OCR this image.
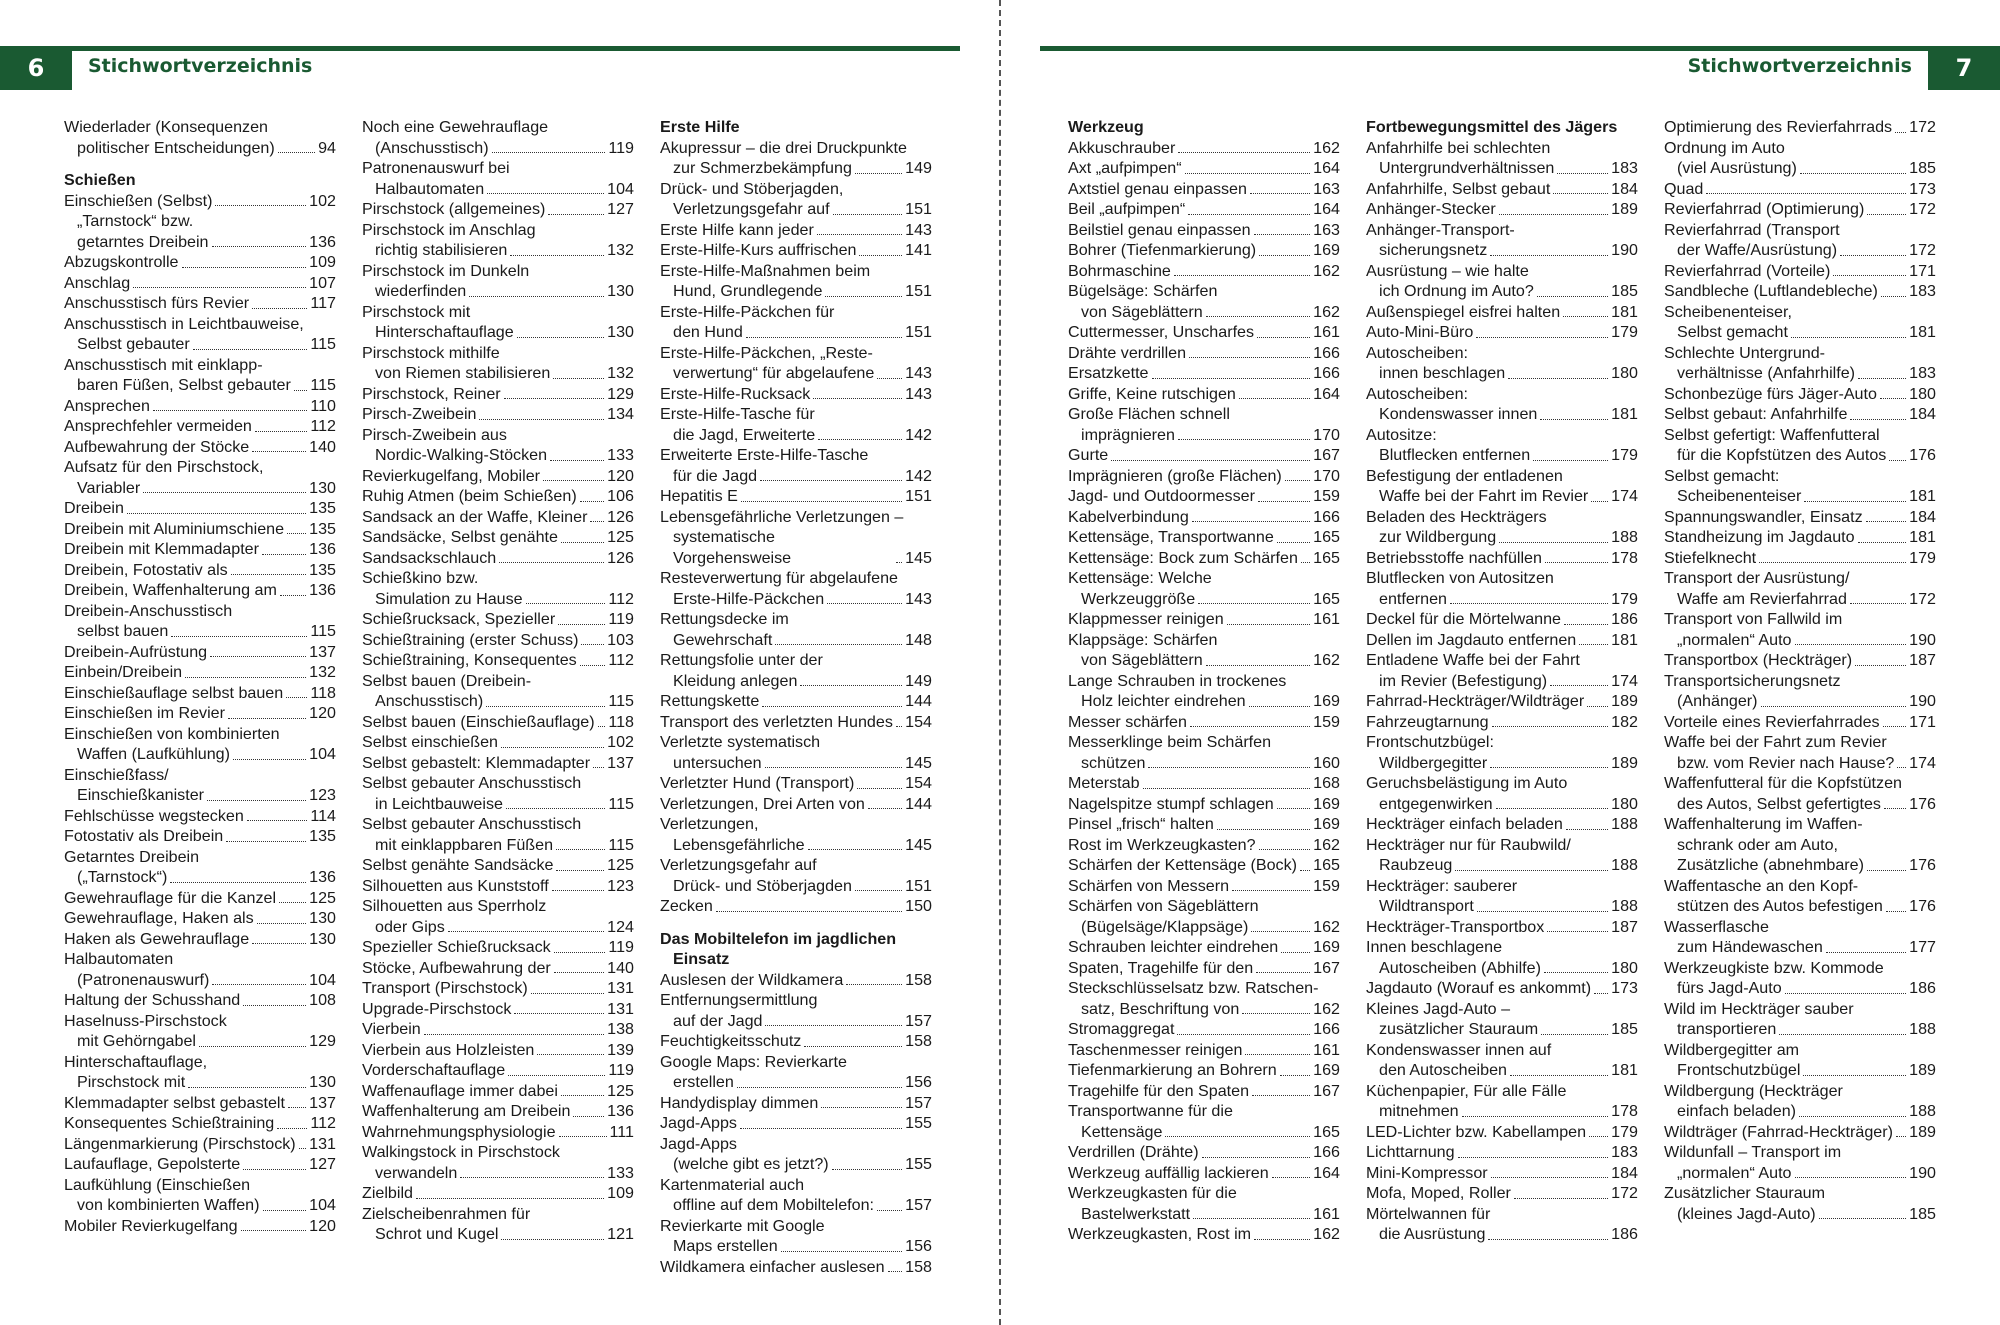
6	Stichwortverzeichnis	Stichwortverzeichnis	7
Wiederlader (Konsequenzen
politischer Entscheidungen)	94
Schießen
Einschießen (Selbst)	102
„Tarnstock“ bzw.
getarntes Dreibein	136
Abzugskontrolle	109
Anschlag	107
Anschusstisch fürs Revier	117
Anschusstisch in Leichtbauweise,
Selbst gebauter	115
Anschusstisch mit einklapp-
baren Füßen, Selbst gebauter 115
Ansprechen	110
Ansprechfehler vermeiden	112
Aufbewahrung der Stöcke	140
Aufsatz für den Pirschstock,
Variabler	130
Dreibein	135
Dreibein mit Aluminiumschiene 135
Dreibein mit Klemmadapter	136
Dreibein, Fotostativ als	135
Dreibein, Waffenhalterung am 136
Dreibein-Anschusstisch
selbst bauen	115
Dreibein-Aufrüstung	137
Einbein/Dreibein	132
Einschießauflage selbst bauen 118
Einschießen im Revier	120
Einschießen von kombinierten
Waffen (Laufkühlung)	104
Einschießfass/
Einschießkanister	123
Fehlschüsse wegstecken	114
Fotostativ als Dreibein	135
Getarntes Dreibein
(„Tarnstock“)	136
Gewehrauflage für die Kanzel 125
Gewehrauflage, Haken als	130
Haken als Gewehrauflage	130
Halbautomaten
(Patronenauswurf)	104
Haltung der Schusshand	108
Haselnuss-Pirschstock
mit Gehörngabel	129
Hinterschaftauflage,
Pirschstock mit	130
Klemmadapter selbst gebastelt 137
Konsequentes Schießtraining 112
Längenmarkierung (Pirschstock) 131
Laufauflage, Gepolsterte	127
Laufkühlung (Einschießen
von kombinierten Waffen)	104
Mobiler Revierkugelfang	120
Noch eine Gewehrauflage
(Anschusstisch)	119
Patronenauswurf bei
Halbautomaten	104
Pirschstock (allgemeines)	127
Pirschstock im Anschlag
richtig stabilisieren	132
Pirschstock im Dunkeln
wiederfinden	130
Pirschstock mit
Hinterschaftauflage	130
Pirschstock mithilfe
von Riemen stabilisieren	132
Pirschstock, Reiner	129
Pirsch-Zweibein	134
Pirsch-Zweibein aus
Nordic-Walking-Stöcken	133
Revierkugelfang, Mobiler	120
Ruhig Atmen (beim Schießen) 106
Sandsack an der Waffe, Kleiner 126
Sandsäcke, Selbst genähte	125
Sandsackschlauch	126
Schießkino bzw.
Simulation zu Hause	112
Schießrucksack, Spezieller	119
Schießtraining (erster Schuss) 103
Schießtraining, Konsequentes 112
Selbst bauen (Dreibein-
Anschusstisch)	115
Selbst bauen (Einschießauflage) 118
Selbst einschießen	102
Selbst gebastelt: Klemmadapter 137
Selbst gebauter Anschusstisch
in Leichtbauweise	115
Selbst gebauter Anschusstisch
mit einklappbaren Füßen	115
Selbst genähte Sandsäcke	125
Silhouetten aus Kunststoff	123
Silhouetten aus Sperrholz
oder Gips	124
Spezieller Schießrucksack	119
Stöcke, Aufbewahrung der	140
Transport (Pirschstock)	131
Upgrade-Pirschstock	131
Vierbein	138
Vierbein aus Holzleisten	139
Vorderschaftauflage	119
Waffenauflage immer dabei	125
Waffenhalterung am Dreibein 136
Wahrnehmungsphysiologie	111
Walkingstock in Pirschstock
verwandeln	133
Zielbild	109
Zielscheibenrahmen für
Schrot und Kugel	121
Erste Hilfe
Akupressur – die drei Druckpunkte
zur Schmerzbekämpfung	149
Drück- und Stöberjagden,
Verletzungsgefahr auf	151
Erste Hilfe kann jeder	143
Erste-Hilfe-Kurs auffrischen	141
Erste-Hilfe-Maßnahmen beim
Hund, Grundlegende	151
Erste-Hilfe-Päckchen für
den Hund	151
Erste-Hilfe-Päckchen, „Reste-
verwertung“ für abgelaufene 143
Erste-Hilfe-Rucksack	143
Erste-Hilfe-Tasche für
die Jagd, Erweiterte	142
Erweiterte Erste-Hilfe-Tasche
für die Jagd	142
Hepatitis E	151
Lebensgefährliche Verletzungen –
systematische Vorgehensweise	145
Resteverwertung für abgelaufene
Erste-Hilfe-Päckchen	143
Rettungsdecke im
Gewehrschaft	148
Rettungsfolie unter der
Kleidung anlegen	149
Rettungskette	144
Transport des verletzten Hundes 154
Verletzte systematisch
untersuchen	145
Verletzter Hund (Transport)	154
Verletzungen, Drei Arten von	144
Verletzungen,
Lebensgefährliche	145
Verletzungsgefahr auf
Drück- und Stöberjagden	151
Zecken	150
Das Mobiltelefon im jagdlichen
Einsatz
Auslesen der Wildkamera	158
Entfernungsermittlung
auf der Jagd	157
Feuchtigkeitsschutz	158
Google Maps: Revierkarte
erstellen	156
Handydisplay dimmen	157
Jagd-Apps	155
Jagd-Apps
(welche gibt es jetzt?)	155
Kartenmaterial auch
offline auf dem Mobiltelefon: 157
Revierkarte mit Google
Maps erstellen	156
Wildkamera einfacher auslesen 158
Werkzeug
Akkuschrauber	162
Axt „aufpimpen“	164
Axtstiel genau einpassen	163
Beil „aufpimpen“	164
Beilstiel genau einpassen	163
Bohrer (Tiefenmarkierung)	169
Bohrmaschine	162
Bügelsäge: Schärfen
von Sägeblättern	162
Cuttermesser, Unscharfes	161
Drähte verdrillen	166
Ersatzkette	166
Griffe, Keine rutschigen	164
Große Flächen schnell
imprägnieren	170
Gurte	167
Imprägnieren (große Flächen) 170
Jagd- und Outdoormesser	159
Kabelverbindung	166
Kettensäge, Transportwanne 165
Kettensäge: Bock zum Schärfen 165
Kettensäge: Welche
Werkzeuggröße	165
Klappmesser reinigen	161
Klappsäge: Schärfen
von Sägeblättern	162
Lange Schrauben in trockenes
Holz leichter eindrehen	169
Messer schärfen	159
Messerklinge beim Schärfen
schützen	160
Meterstab	168
Nagelspitze stumpf schlagen 169
Pinsel „frisch“ halten	169
Rost im Werkzeugkasten?	162
Schärfen der Kettensäge (Bock) 165
Schärfen von Messern	159
Schärfen von Sägeblättern
(Bügelsäge/Klappsäge)	162
Schrauben leichter eindrehen 169
Spaten, Tragehilfe für den	167
Steckschlüsselsatz bzw. Ratschen-
satz, Beschriftung von	162
Stromaggregat	166
Taschenmesser reinigen	161
Tiefenmarkierung an Bohrern 169
Tragehilfe für den Spaten	167
Transportwanne für die
Kettensäge	165
Verdrillen (Drähte)	166
Werkzeug auffällig lackieren	164
Werkzeugkasten für die
Bastelwerkstatt	161
Werkzeugkasten, Rost im	162
Fortbewegungsmittel des Jägers
Anfahrhilfe bei schlechten
Untergrundverhältnissen	183
Anfahrhilfe, Selbst gebaut	184
Anhänger-Stecker	189
Anhänger-Transport-
sicherungsnetz	190
Ausrüstung – wie halte
ich Ordnung im Auto?	185
Außenspiegel eisfrei halten	181
Auto-Mini-Büro	179
Autoscheiben:
innen beschlagen	180
Autoscheiben:
Kondenswasser innen	181
Autositze:
Blutflecken entfernen	179
Befestigung der entladenen
Waffe bei der Fahrt im Revier 174
Beladen des Heckträgers
zur Wildbergung	188
Betriebsstoffe nachfüllen	178
Blutflecken von Autositzen
entfernen	179
Deckel für die Mörtelwanne	186
Dellen im Jagdauto entfernen 181
Entladene Waffe bei der Fahrt
im Revier (Befestigung)	174
Fahrrad-Heckträger/Wildträger 189
Fahrzeugtarnung	182
Frontschutzbügel:
Wildbergegitter	189
Geruchsbelästigung im Auto
entgegenwirken	180
Heckträger einfach beladen	188
Heckträger nur für Raubwild/
Raubzeug	188
Heckträger: sauberer
Wildtransport	188
Heckträger-Transportbox	187
Innen beschlagene
Autoscheiben (Abhilfe)	180
Jagdauto (Worauf es ankommt) 173
Kleines Jagd-Auto –
zusätzlicher Stauraum	185
Kondenswasser innen auf
den Autoscheiben	181
Küchenpapier, Für alle Fälle
mitnehmen	178
LED-Lichter bzw. Kabellampen 179
Lichttarnung	183
Mini-Kompressor	184
Mofa, Moped, Roller	172
Mörtelwannen für
die Ausrüstung	186
Optimierung des Revierfahrrads 172
Ordnung im Auto
(viel Ausrüstung)	185
Quad	173
Revierfahrrad (Optimierung)	172
Revierfahrrad (Transport
der Waffe/Ausrüstung)	172
Revierfahrrad (Vorteile)	171
Sandbleche (Luftlandebleche) 183
Scheibenenteiser,
Selbst gemacht	181
Schlechte Untergrund-
verhältnisse (Anfahrhilfe)	183
Schonbezüge fürs Jäger-Auto 180
Selbst gebaut: Anfahrhilfe	184
Selbst gefertigt: Waffenfutteral
für die Kopfstützen des Autos 176
Selbst gemacht:
Scheibenenteiser	181
Spannungswandler, Einsatz	184
Standheizung im Jagdauto	181
Stiefelknecht	179
Transport der Ausrüstung/
Waffe am Revierfahrrad	172
Transport von Fallwild im
„normalen“ Auto	190
Transportbox (Heckträger)	187
Transportsicherungsnetz
(Anhänger)	190
Vorteile eines Revierfahrrades 171
Waffe bei der Fahrt zum Revier
bzw. vom Revier nach Hause? 174
Waffenfutteral für die Kopfstützen
des Autos, Selbst gefertigtes 176
Waffenhalterung im Waffen-
schrank oder am Auto,
Zusätzliche (abnehmbare)	176
Waffentasche an den Kopf-
stützen des Autos befestigen 176
Wasserflasche
zum Händewaschen	177
Werkzeugkiste bzw. Kommode
fürs Jagd-Auto	186
Wild im Heckträger sauber
transportieren	188
Wildbergegitter am
Frontschutzbügel	189
Wildbergung (Heckträger
einfach beladen)	188
Wildträger (Fahrrad-Heckträger) 189
Wildunfall – Transport im
„normalen“ Auto	190
Zusätzlicher Stauraum
(kleines Jagd-Auto)	185
